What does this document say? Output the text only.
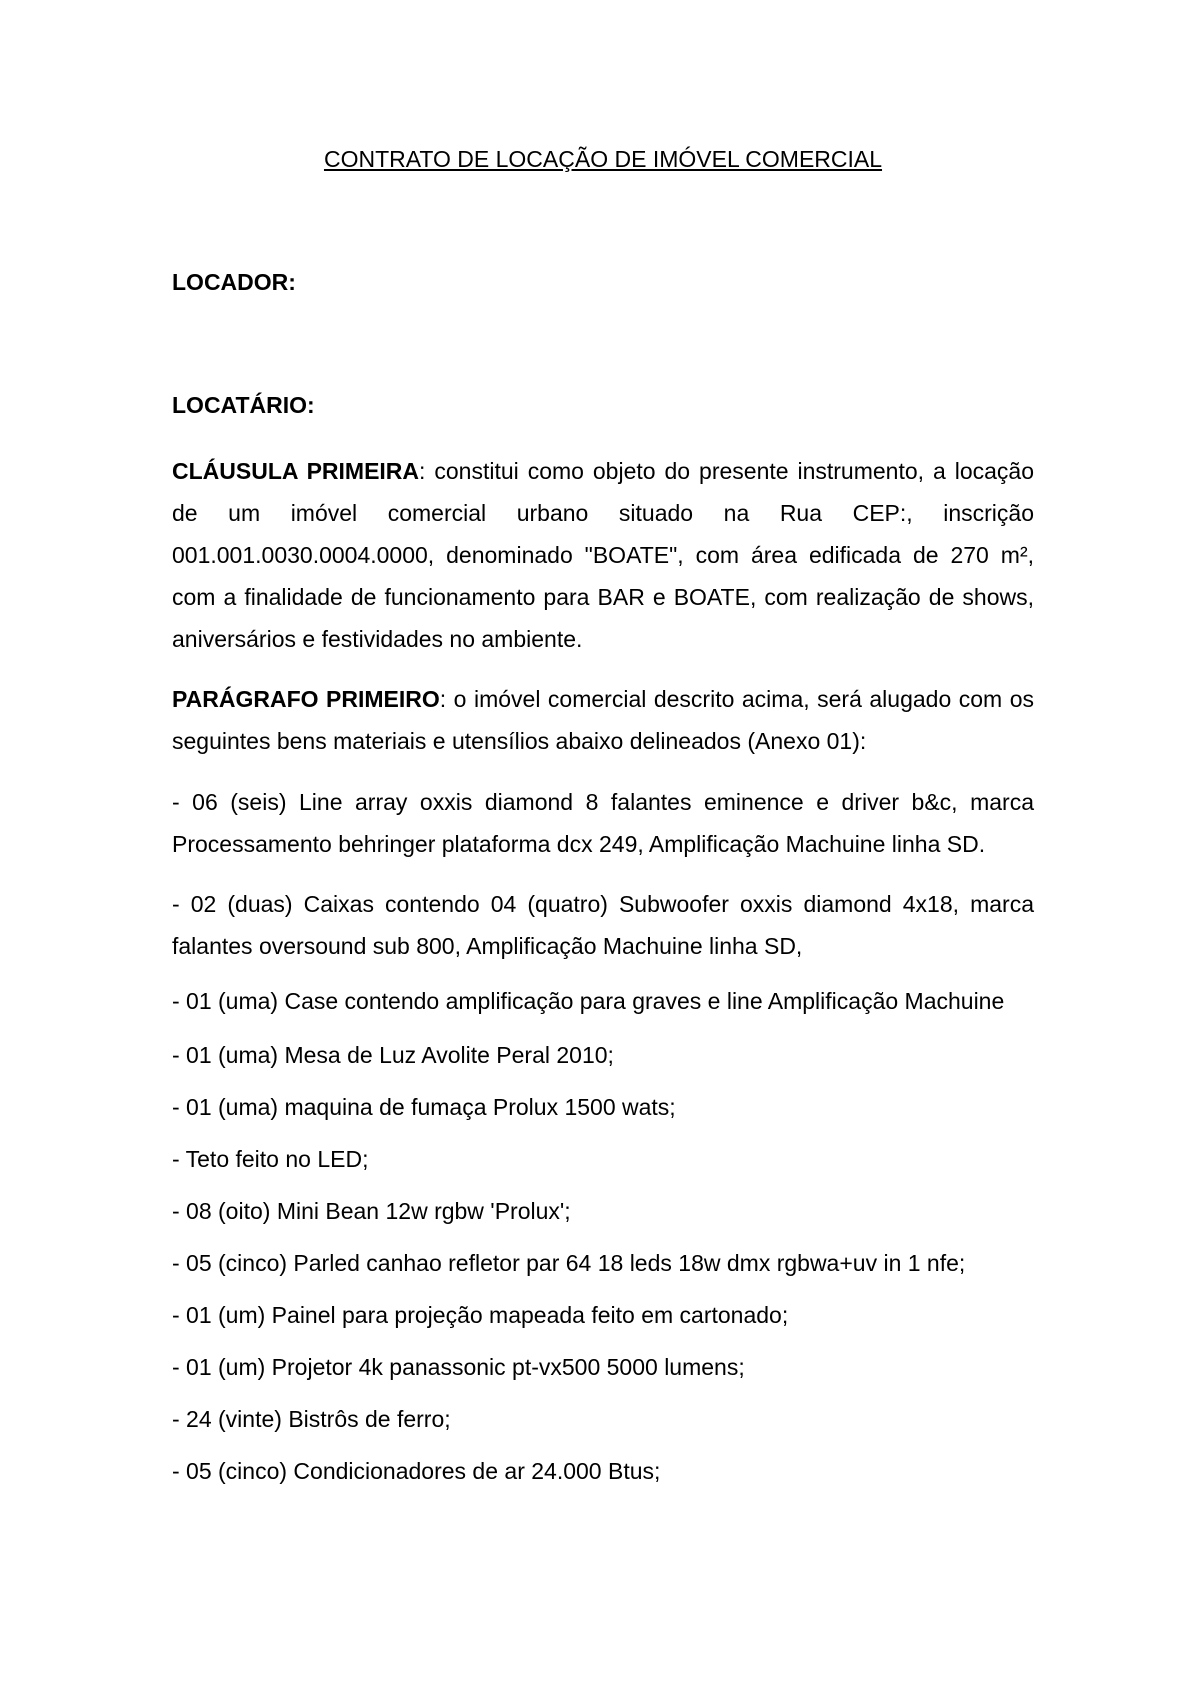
CONTRATO DE LOCAÇÃO DE IMÓVEL COMERCIAL

LOCADOR:

LOCATÁRIO:

CLÁUSULA PRIMEIRA: constitui como objeto do presente instrumento, a locação de um imóvel comercial urbano situado na Rua CEP:, inscrição 001.001.0030.0004.0000, denominado "BOATE", com área edificada de 270 m², com a finalidade de funcionamento para BAR e BOATE, com realização de shows, aniversários e festividades no ambiente.

PARÁGRAFO PRIMEIRO: o imóvel comercial descrito acima, será alugado com os seguintes bens materiais e utensílios abaixo delineados (Anexo 01):

- 06 (seis) Line array oxxis diamond 8 falantes eminence e driver b&c, marca Processamento behringer plataforma dcx 249, Amplificação Machuine linha SD.
- 02 (duas) Caixas contendo 04 (quatro) Subwoofer oxxis diamond 4x18, marca falantes oversound sub 800, Amplificação Machuine linha SD,
- 01 (uma) Case contendo amplificação para graves e line Amplificação Machuine
- 01 (uma) Mesa de Luz Avolite Peral 2010;
- 01 (uma) maquina de fumaça Prolux 1500 wats;
- Teto feito no LED;
- 08 (oito) Mini Bean 12w rgbw 'Prolux';
- 05 (cinco) Parled canhao refletor par 64 18 leds 18w dmx rgbwa+uv in 1 nfe;
- 01 (um) Painel para projeção mapeada feito em cartonado;
- 01 (um) Projetor 4k panassonic pt-vx500 5000 lumens;
- 24 (vinte) Bistrôs de ferro;
- 05 (cinco) Condicionadores de ar 24.000 Btus;
